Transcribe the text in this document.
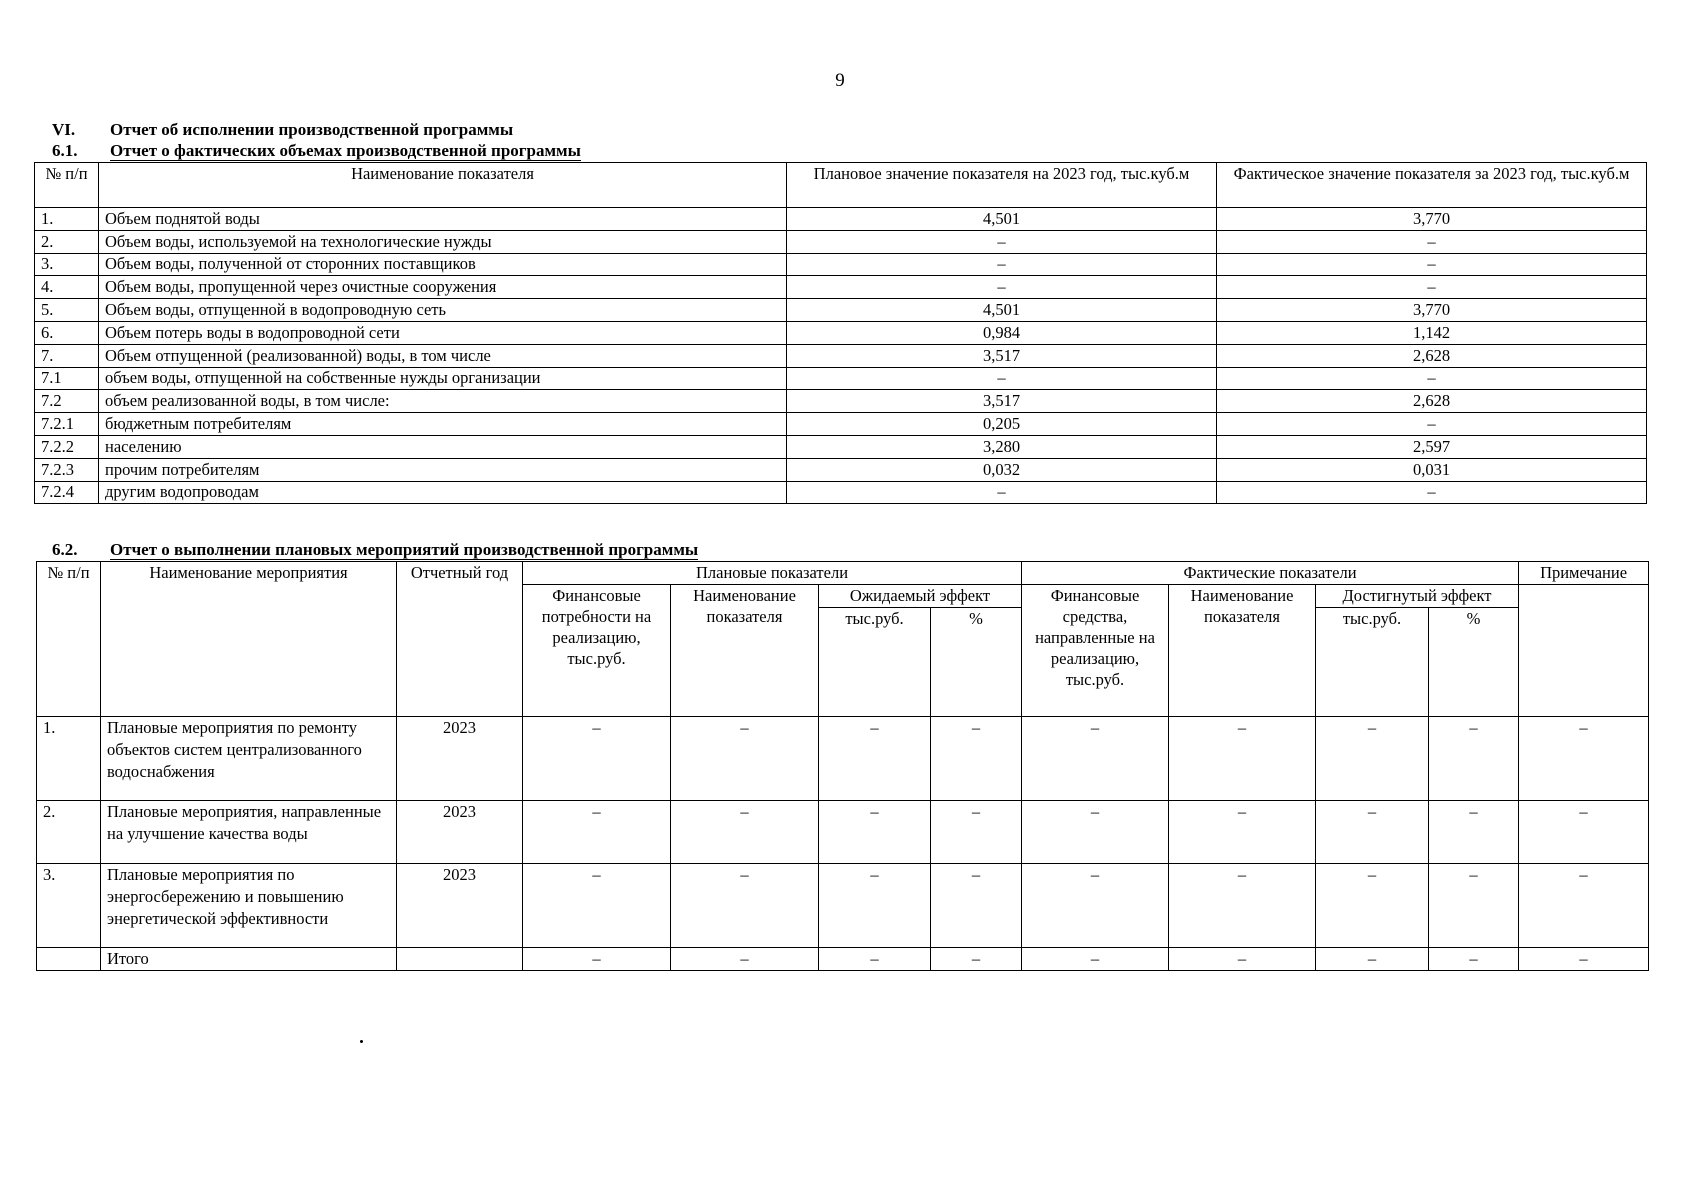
9
VI. Отчет об исполнении производственной программы
6.1. Отчет о фактических объемах производственной программы
№ п/п	Наименование показателя	Плановое значение показателя на 2023 год, тыс.куб.м	Фактическое значение показателя за 2023 год, тыс.куб.м
1.	Объем поднятой воды	4,501	3,770
2.	Объем воды, используемой на технологические нужды	–	–
3.	Объем воды, полученной от сторонних поставщиков	–	–
4.	Объем воды, пропущенной через очистные сооружения	–	–
5.	Объем воды, отпущенной в водопроводную сеть	4,501	3,770
6.	Объем потерь воды в водопроводной сети	0,984	1,142
7.	Объем отпущенной (реализованной) воды, в том числе	3,517	2,628
7.1	объем воды, отпущенной на собственные нужды организации	–	–
7.2	объем реализованной воды, в том числе:	3,517	2,628
7.2.1	бюджетным потребителям	0,205	–
7.2.2	населению	3,280	2,597
7.2.3	прочим потребителям	0,032	0,031
7.2.4	другим водопроводам	–	–
6.2. Отчет о выполнении плановых мероприятий производственной программы
№ п/п	Наименование мероприятия	Отчетный год	Плановые показатели				Фактические показатели				Примечание
			Финансовые потребности на реализацию, тыс.руб.	Наименование показателя	Ожидаемый эффект		Финансовые средства, направленные на реализацию, тыс.руб.	Наименование показателя	Достигнутый эффект		
					тыс.руб.	%			тыс.руб.	%	
1.	Плановые мероприятия по ремонту объектов систем централизованного водоснабжения	2023	–	–	–	–	–	–	–	–	–
2.	Плановые мероприятия, направленные на улучшение качества воды	2023	–	–	–	–	–	–	–	–	–
3.	Плановые мероприятия по энергосбережению и повышению энергетической эффективности	2023	–	–	–	–	–	–	–	–	–
	Итого		–	–	–	–	–	–	–	–	–
